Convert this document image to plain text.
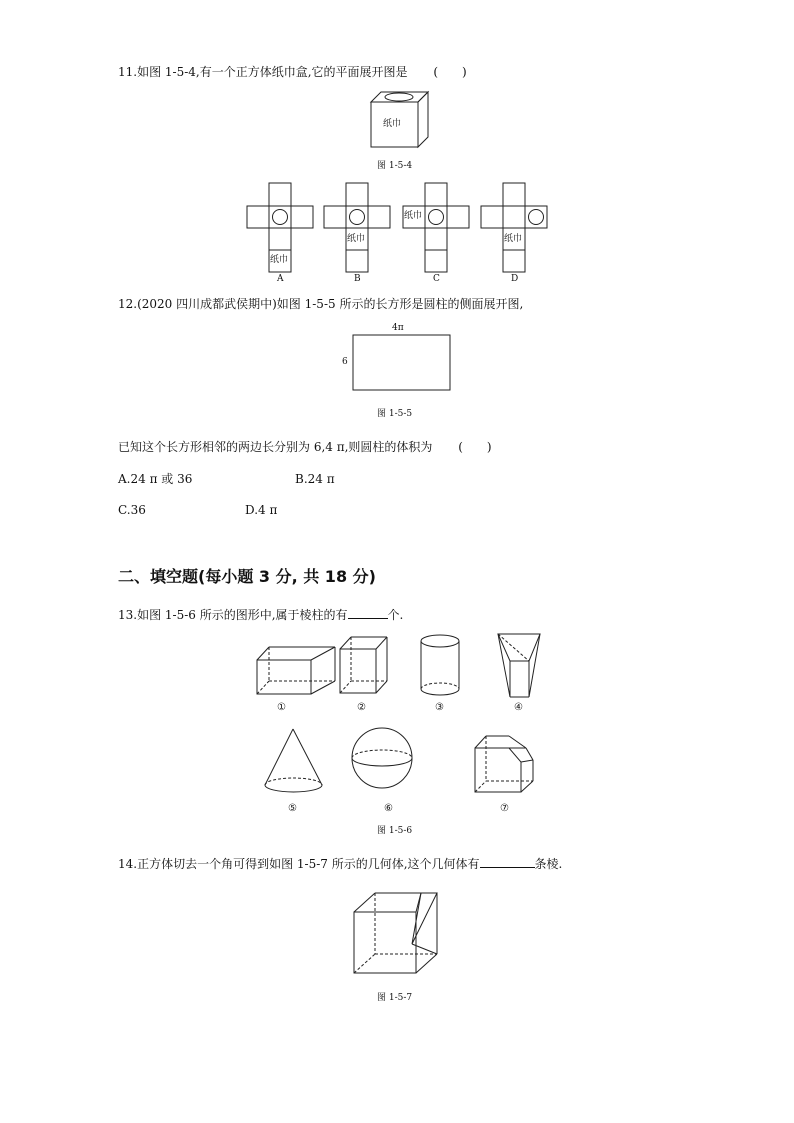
11.如图 1-5-4,有一个正方体纸巾盒,它的平面展开图是 (　　)
纸巾
图 1-5-4
纸巾
纸巾
纸巾
纸巾
A	B	C	D
12.(2020 四川成都武侯期中)如图 1-5-5 所示的长方形是圆柱的侧面展开图,
4π
6
图 1-5-5
已知这个长方形相邻的两边长分别为 6,4 π,则圆柱的体积为 (　　)
A.24 π 或 36	B.24 π
C.36	D.4 π
二、填空题(每小题 3 分, 共 18 分)
13.如图 1-5-6 所示的图形中,属于棱柱的有	个.
①	②	③	④
⑤	⑥	⑦
图 1-5-6
14.正方体切去一个角可得到如图 1-5-7 所示的几何体,这个几何体有	条棱.
图 1-5-7
